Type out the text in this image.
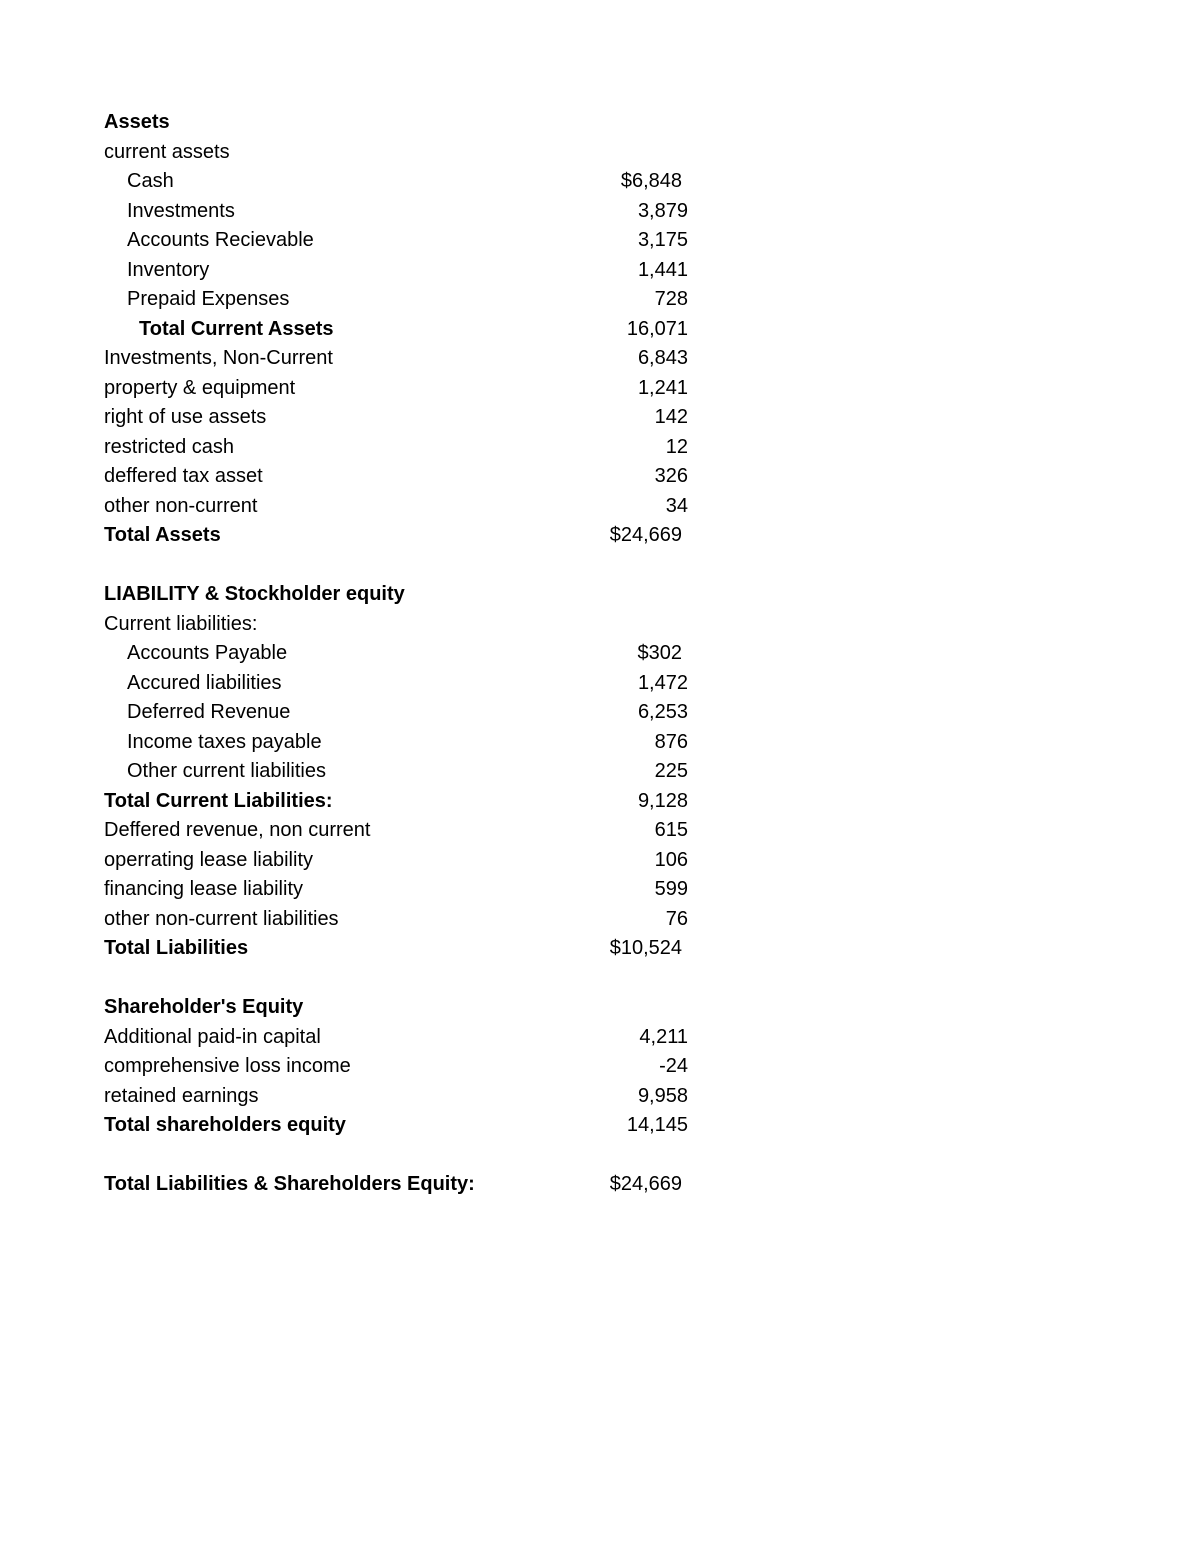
Assets
current assets
Cash	$6,848
Investments	3,879
Accounts Recievable	3,175
Inventory	1,441
Prepaid Expenses	728
Total Current Assets	16,071
Investments, Non-Current	6,843
property & equipment	1,241
right of use assets	142
restricted cash	12
deffered tax asset	326
other non-current	34
Total Assets	$24,669
LIABILITY & Stockholder equity
Current liabilities:
Accounts Payable	$302
Accured liabilities	1,472
Deferred Revenue	6,253
Income taxes payable	876
Other current liabilities	225
Total Current Liabilities:	9,128
Deffered revenue, non current	615
operrating lease liability	106
financing lease liability	599
other non-current liabilities	76
Total Liabilities	$10,524
Shareholder's Equity
Additional paid-in capital	4,211
comprehensive loss income	-24
retained earnings	9,958
Total shareholders equity	14,145
Total Liabilities & Shareholders Equity:	$24,669
